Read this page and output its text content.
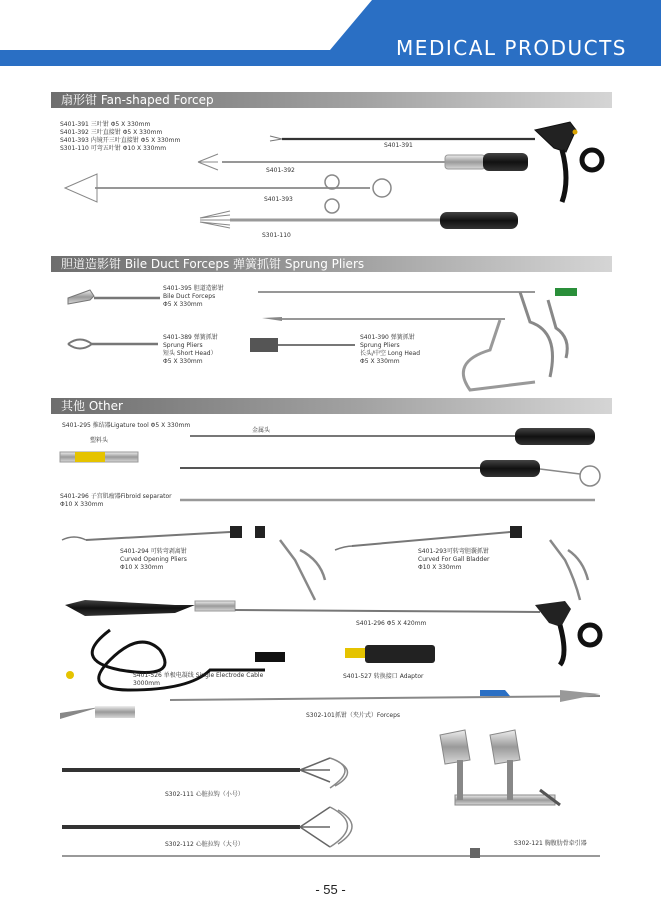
MEDICAL PRODUCTS
扇形钳 Fan-shaped Forcep
胆道造影钳 Bile Duct Forceps 弹簧抓钳 Sprung Pliers
其他 Other
S401-391 三叶钳 Φ5 X 330mm
S401-392 三叶直接钳 Φ5 X 330mm
S401-393 内镜开三叶直接钳 Φ5 X 330mm
S301-110 可弯五叶钳 Φ10 X 330mm	S401-391
S401-392
S401-393
S301-110
S401-395 胆道造影钳
Bile Duct Forceps
Φ5 X 330mm
S401-389 弹簧抓钳
Sprung Pliers
短头 Short Head）
Φ5 X 330mm
S401-390 弹簧抓钳
Sprung Pliers
长头/中空 Long Head
Φ5 X 330mm
S401-295 推结器Ligature tool Φ5 X 330mm
塑料头
金属头
S401-296 子宫肌瘤器Fibroid separator
Φ10 X 330mm
S401-294 可转弯剥离钳
Curved Opening Pliers
Φ10 X 330mm
S401-293可转弯胆囊抓钳
Curved For Gall Bladder
Φ10 X 330mm
S401-296 Φ5 X 420mm
S401-526 单极电凝线 Single Electrode Cable
3000mm
S401-527 转换接口 Adaptor
S302-101抓钳（夹片式）Forceps
S302-111 心脏拉钩（小号）
S302-112 心脏拉钩（大号）	S302-121 胸腹肋骨牵引器
- 55 -
